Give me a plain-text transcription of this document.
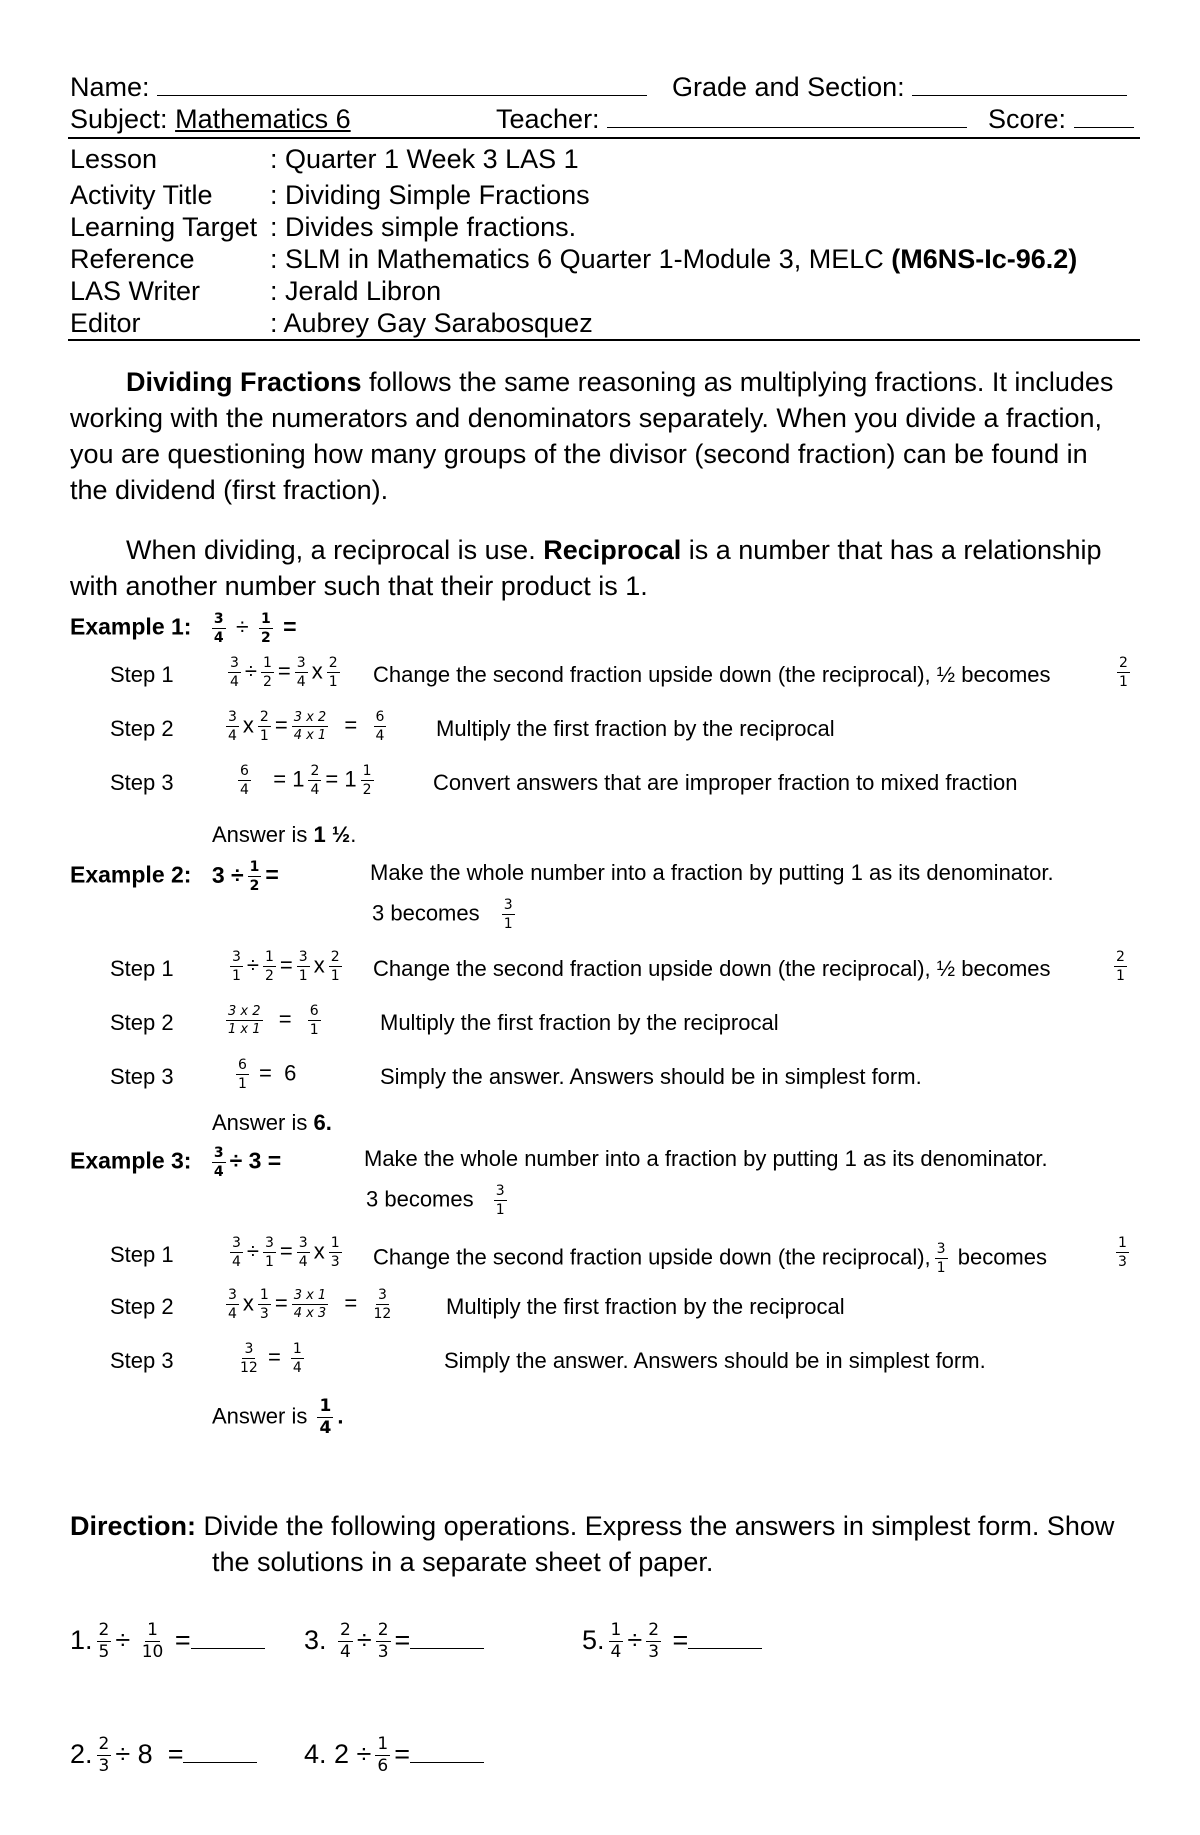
Name:	Grade and Section:
Subject: Mathematics 6	Teacher:	Score:
Lesson	: Quarter 1 Week 3 LAS 1
Activity Title : Dividing Simple Fractions
Learning Target : Divides simple fractions.
Reference	: SLM in Mathematics 6 Quarter 1-Module 3, MELC (M6NS-Ic-96.2)
LAS Writer	: Jerald Libron
Editor	: Aubrey Gay Sarabosquez
Dividing Fractions follows the same reasoning as multiplying fractions. It includes
working with the numerators and denominators separately. When you divide a fraction,
you are questioning how many groups of the divisor (second fraction) can be found in
the dividend (first fraction).
When dividing, a reciprocal is use. Reciprocal is a number that has a relationship
with another number such that their product is 1.
Example 1: $\frac{3}{4} \div \frac{1}{2}$ =
Step 1	$\frac{3}{4} \div \frac{1}{2} = \frac{3}{4}$ x $\frac{2}{1}$ Change the second fraction upside down (the reciprocal), ½ becomes	$\frac{2}{1}$
Step 2	$\frac{3}{4}$ x $\frac{2}{1} = \frac{3 x 2}{4 x 1} = \frac{6}{4}$ Multiply the first fraction by the reciprocal
Step 3	$\frac{6}{4} = 1 \frac{2}{4} = 1 \frac{1}{2}$	Convert answers that are improper fraction to mixed fraction
Answer is 1 ½.
Example 2: $3 \div \frac{1}{2}$ =	Make the whole number into a fraction by putting 1 as its denominator.
3 becomes $\frac{3}{1}$
Step 1	$\frac{3}{1} \div \frac{1}{2} = \frac{3}{1}$ x $\frac{2}{1}$ Change the second fraction upside down (the reciprocal), ½ becomes	$\frac{2}{1}$
Step 2	$\frac{3 x 2}{1 x 1} = \frac{6}{1}$	Multiply the first fraction by the reciprocal
Step 3	$\frac{6}{1} = 6$	Simply the answer. Answers should be in simplest form.
Answer is 6.
Example 3: $\frac{3}{4} \div 3$ =	Make the whole number into a fraction by putting 1 as its denominator.
3 becomes $\frac{3}{1}$
Step 1	$\frac{3}{4} \div \frac{3}{1} = \frac{3}{4}$ x $\frac{1}{3}$ Change the second fraction upside down (the reciprocal), $\frac{3}{1}$ becomes	$\frac{1}{3}$
Step 2	$\frac{3}{4}$ x $\frac{1}{3} = \frac{3 x 1}{4 x 3} = \frac{3}{12}$ Multiply the first fraction by the reciprocal
Step 3	$\frac{3}{12} = \frac{1}{4}$	Simply the answer. Answers should be in simplest form.
Answer is $\frac{1}{4}$ .
Direction: Divide the following operations. Express the answers in simplest form. Show
the solutions in a separate sheet of paper.
1. $\frac{2}{5} \div \frac{1}{10}$ =	3. $\frac{2}{4} \div \frac{2}{3}$ =	5. $\frac{1}{4} \div \frac{2}{3}$ =
2. $\frac{2}{3} \div 8$  =	4. $2 \div \frac{1}{6}$ =
